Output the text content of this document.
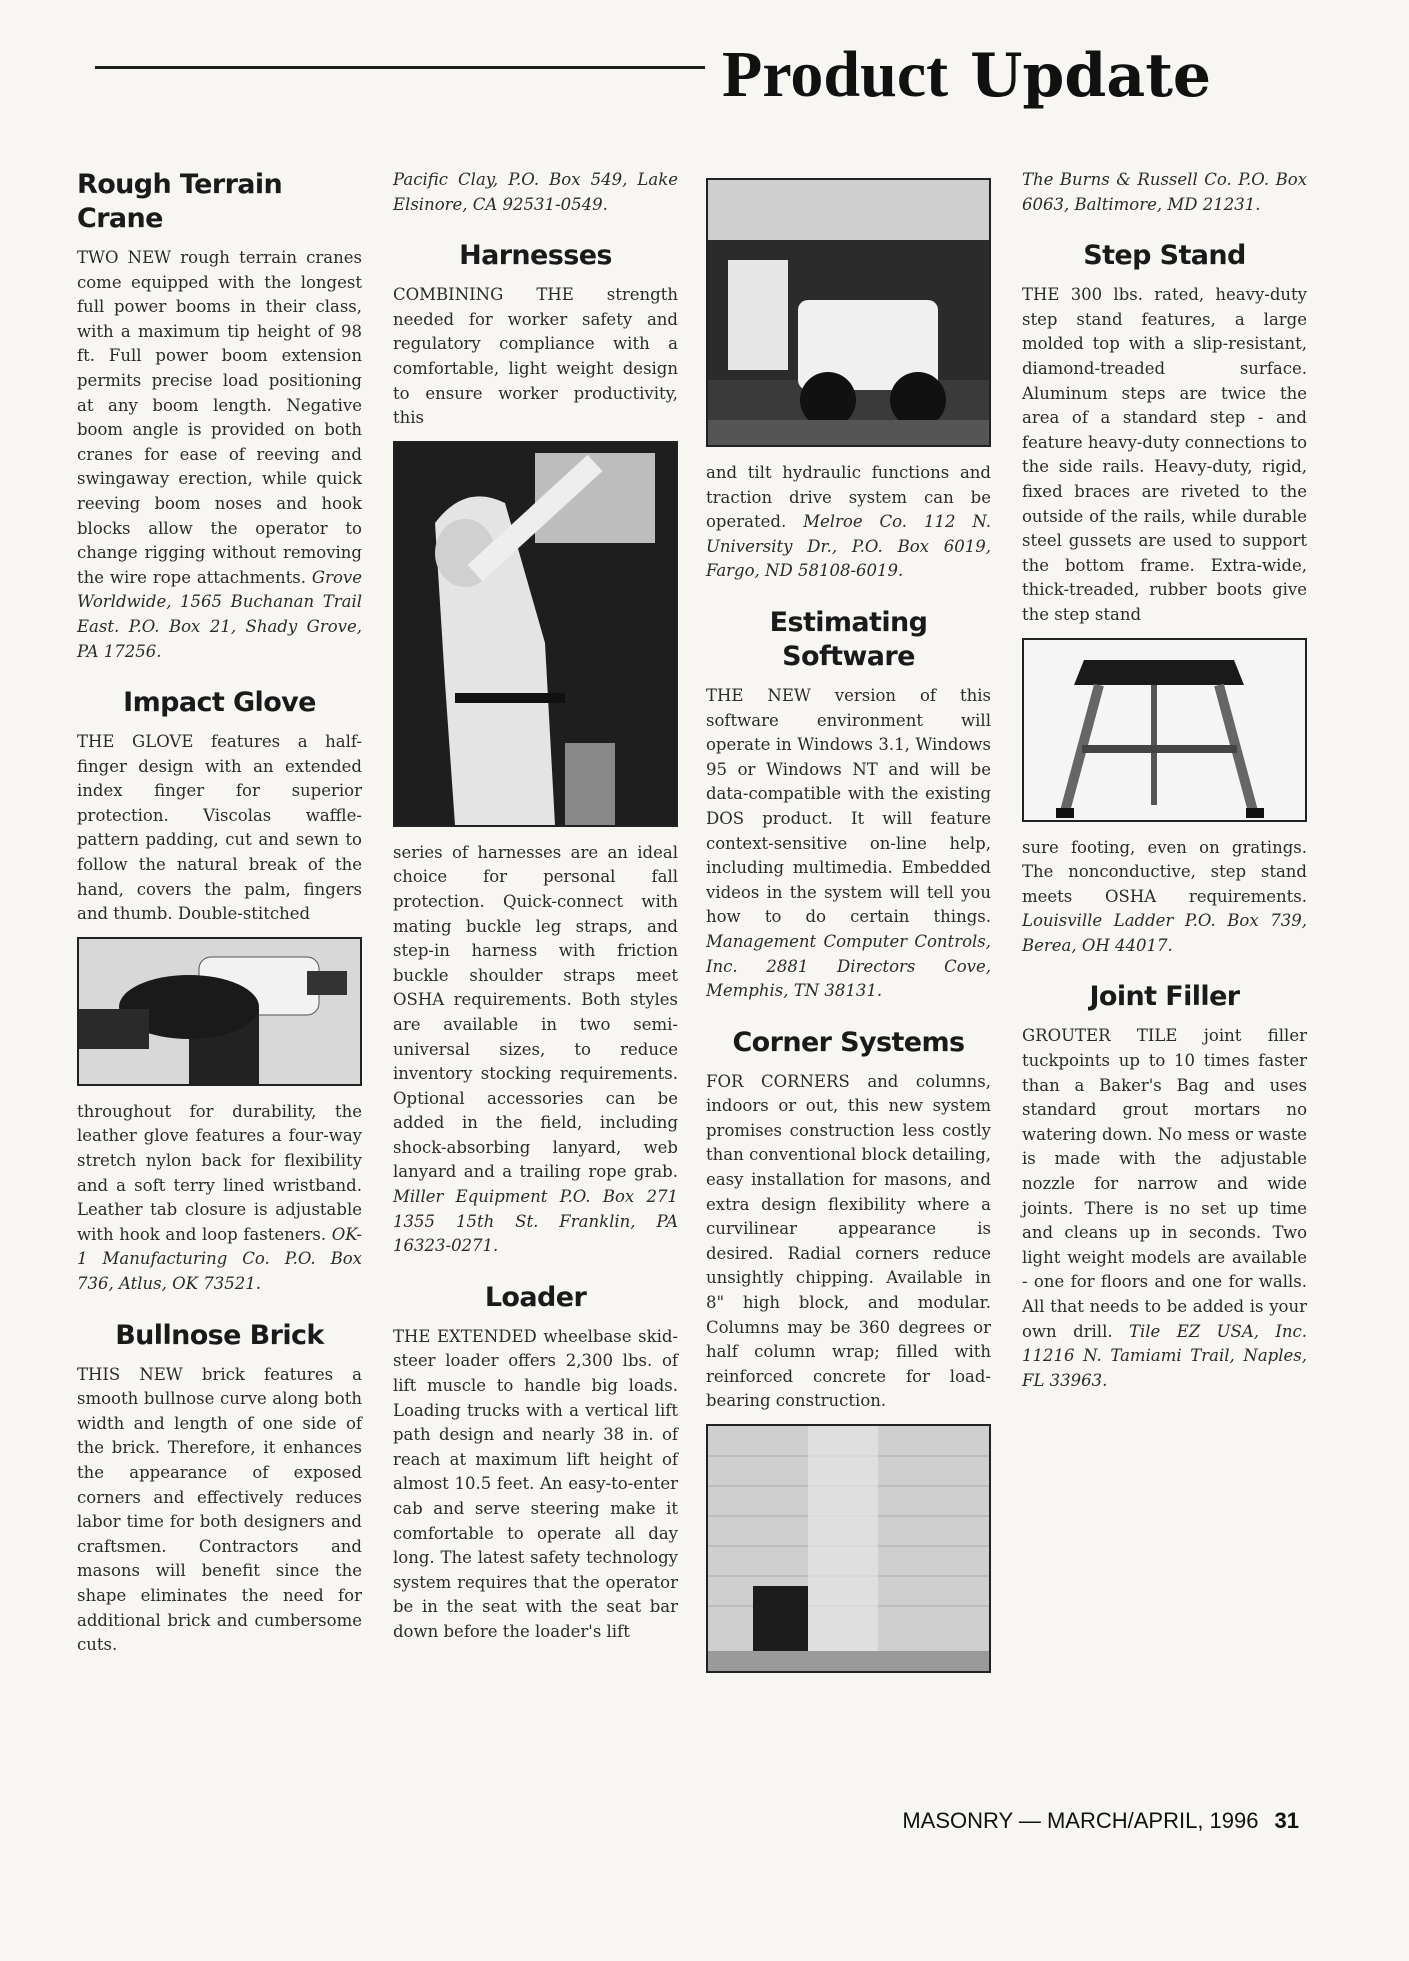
Product Update
Rough Terrain Crane

TWO NEW rough terrain cranes come equipped with the longest full power booms in their class, with a maximum tip height of 98 ft. Full power boom extension permits precise load positioning at any boom length. Negative boom angle is provided on both cranes for ease of reeving and swingaway erection, while quick reeving boom noses and hook blocks allow the operator to change rigging without removing the wire rope attachments. Grove Worldwide, 1565 Buchanan Trail East. P.O. Box 21, Shady Grove, PA 17256.

Impact Glove

THE GLOVE features a half-finger design with an extended index finger for superior protection. Viscolas waffle-pattern padding, cut and sewn to follow the natural break of the hand, covers the palm, fingers and thumb. Double-stitched

throughout for durability, the leather glove features a four-way stretch nylon back for flexibility and a soft terry lined wristband. Leather tab closure is adjustable with hook and loop fasteners. OK-1 Manufacturing Co. P.O. Box 736, Atlus, OK 73521.

Bullnose Brick

THIS NEW brick features a smooth bullnose curve along both width and length of one side of the brick. Therefore, it enhances the appearance of exposed corners and effectively reduces labor time for both designers and craftsmen. Contractors and masons will benefit since the shape eliminates the need for additional brick and cumbersome cuts.

Pacific Clay, P.O. Box 549, Lake Elsinore, CA 92531-0549.

Harnesses

COMBINING THE strength needed for worker safety and regulatory compliance with a comfortable, light weight design to ensure worker productivity, this

series of harnesses are an ideal choice for personal fall protection. Quick-connect with mating buckle leg straps, and step-in harness with friction buckle shoulder straps meet OSHA requirements. Both styles are available in two semi-universal sizes, to reduce inventory stocking requirements. Optional accessories can be added in the field, including shock-absorbing lanyard, web lanyard and a trailing rope grab. Miller Equipment P.O. Box 271 1355 15th St. Franklin, PA 16323-0271.

Loader

THE EXTENDED wheelbase skid-steer loader offers 2,300 lbs. of lift muscle to handle big loads. Loading trucks with a vertical lift path design and nearly 38 in. of reach at maximum lift height of almost 10.5 feet. An easy-to-enter cab and serve steering make it comfortable to operate all day long. The latest safety technology system requires that the operator be in the seat with the seat bar down before the loader's lift

and tilt hydraulic functions and traction drive system can be operated. Melroe Co. 112 N. University Dr., P.O. Box 6019, Fargo, ND 58108-6019.

Estimating Software

THE NEW version of this software environment will operate in Windows 3.1, Windows 95 or Windows NT and will be data-compatible with the existing DOS product. It will feature context-sensitive on-line help, including multimedia. Embedded videos in the system will tell you how to do certain things. Management Computer Controls, Inc. 2881 Directors Cove, Memphis, TN 38131.

Corner Systems

FOR CORNERS and columns, indoors or out, this new system promises construction less costly than conventional block detailing, easy installation for masons, and extra design flexibility where a curvilinear appearance is desired. Radial corners reduce unsightly chipping. Available in 8" high block, and modular. Columns may be 360 degrees or half column wrap; filled with reinforced concrete for load-bearing construction.

The Burns & Russell Co. P.O. Box 6063, Baltimore, MD 21231.

Step Stand

THE 300 lbs. rated, heavy-duty step stand features, a large molded top with a slip-resistant, diamond-treaded surface. Aluminum steps are twice the area of a standard step - and feature heavy-duty connections to the side rails. Heavy-duty, rigid, fixed braces are riveted to the outside of the rails, while durable steel gussets are used to support the bottom frame. Extra-wide, thick-treaded, rubber boots give the step stand

sure footing, even on gratings. The nonconductive, step stand meets OSHA requirements. Louisville Ladder P.O. Box 739, Berea, OH 44017.

Joint Filler

GROUTER TILE joint filler tuckpoints up to 10 times faster than a Baker's Bag and uses standard grout mortars no watering down. No mess or waste is made with the adjustable nozzle for narrow and wide joints. There is no set up time and cleans up in seconds. Two light weight models are available - one for floors and one for walls. All that needs to be added is your own drill. Tile EZ USA, Inc. 11216 N. Tamiami Trail, Naples, FL 33963.

MASONRY — MARCH/APRIL, 1996 31
